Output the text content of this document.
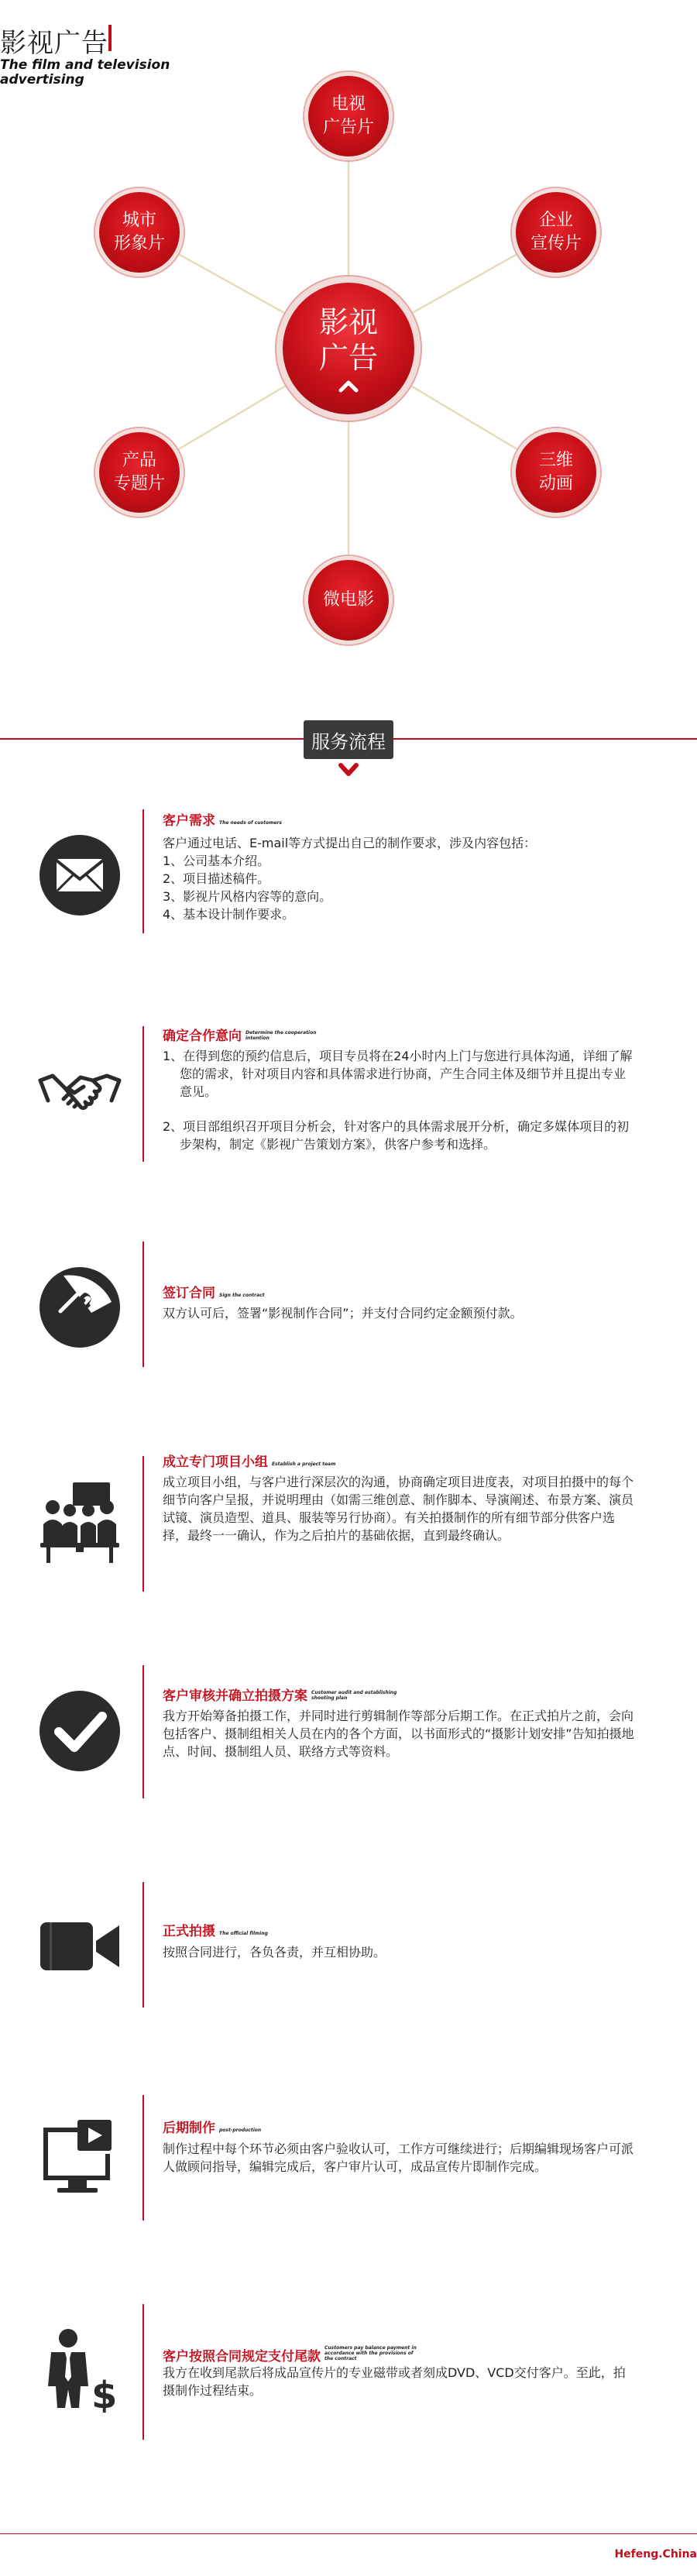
影视广告
The film and television
advertising
电视
广告片
企业
宣传片
三维
动画
微电影
产品
专题片
城市
形象片
影视
广告
服务流程
客户需求 The needs of customers

客户通过电话、E-mail等方式提出自己的制作要求，涉及内容包括：

1、公司基本介绍。

2、项目描述稿件。

3、影视片风格内容等的意向。

4、基本设计制作要求。

确定合作意向 Determine the cooperation intention

1、在得到您的预约信息后，项目专员将在24小时内上门与您进行具体沟通，详细了解您的需求，针对项目内容和具体需求进行协商，产生合同主体及细节并且提出专业意见。

2、项目部组织召开项目分析会，针对客户的具体需求展开分析，确定多媒体项目的初步架构，制定《影视广告策划方案》，供客户参考和选择。

签订合同 Sign the contract

双方认可后，签署“影视制作合同”；并支付合同约定金额预付款。

成立专门项目小组 Establish a project team

成立项目小组，与客户进行深层次的沟通，协商确定项目进度表，对项目拍摄中的每个细节向客户呈报，并说明理由（如需三维创意、制作脚本、导演阐述、布景方案、演员试镜、演员造型、道具、服装等另行协商）。有关拍摄制作的所有细节部分供客户选择，最终一一确认，作为之后拍片的基础依据，直到最终确认。

客户审核并确立拍摄方案 Customer audit and establishing shooting plan

我方开始筹备拍摄工作，并同时进行剪辑制作等部分后期工作。在正式拍片之前，会向包括客户、摄制组相关人员在内的各个方面，以书面形式的“摄影计划安排”告知拍摄地点、时间、摄制组人员、联络方式等资料。

正式拍摄 The official filming

按照合同进行，各负各责，并互相协助。

后期制作 post-production

制作过程中每个环节必须由客户验收认可，工作方可继续进行；后期编辑现场客户可派人做顾问指导，编辑完成后，客户审片认可，成品宣传片即制作完成。

$
客户按照合同规定支付尾款
Customers pay balance payment in accordance with the provisions of the contract

我方在收到尾款后将成品宣传片的专业磁带或者刻成DVD、VCD交付客户。至此，拍摄制作过程结束。

Hefeng.China
